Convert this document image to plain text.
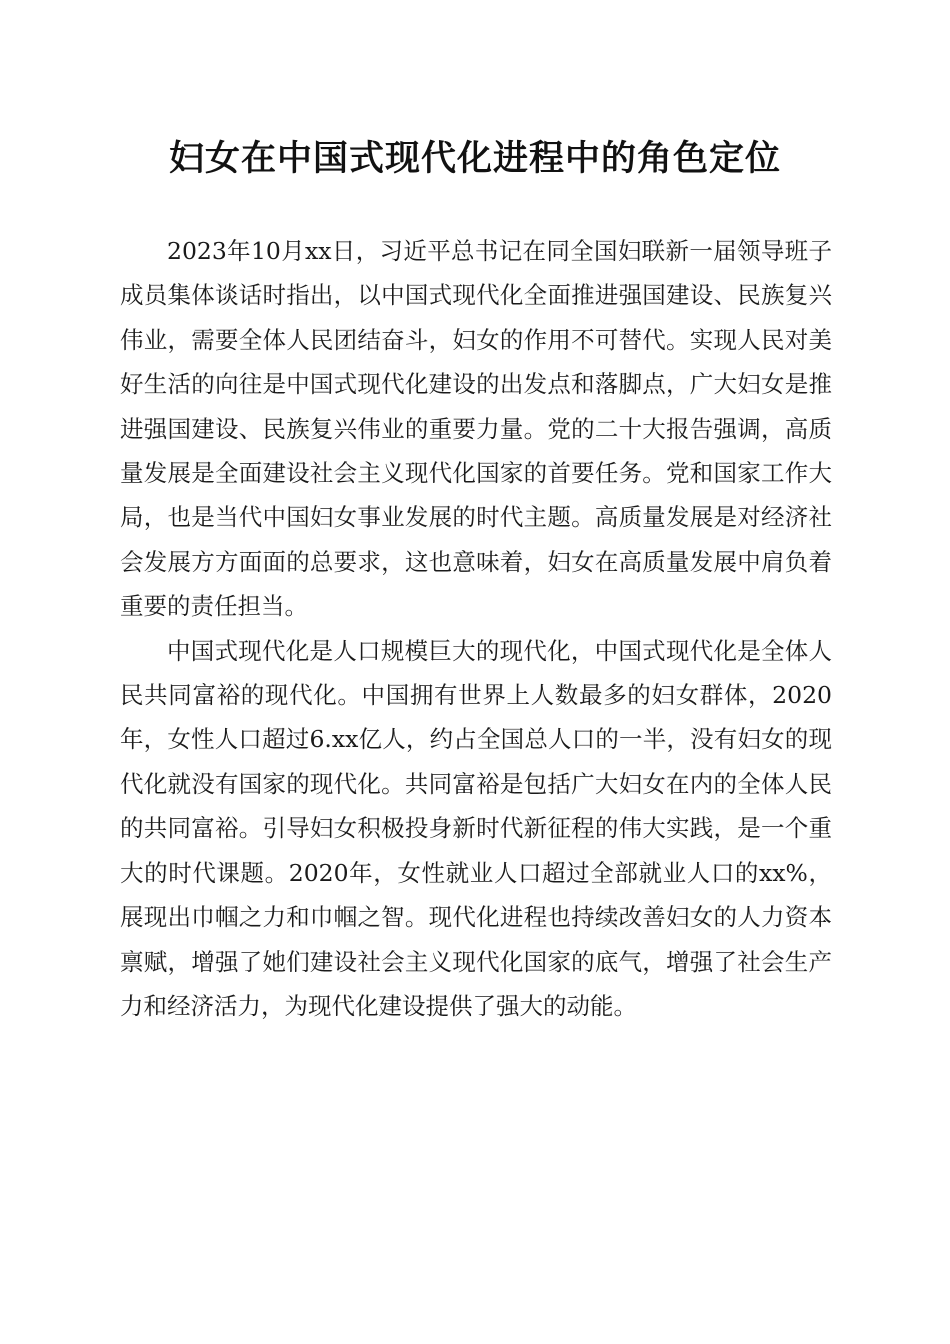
妇女在中国式现代化进程中的角色定位

2023年10月xx日，习近平总书记在同全国妇联新一届领导班子成员集体谈话时指出，以中国式现代化全面推进强国建设、民族复兴伟业，需要全体人民团结奋斗，妇女的作用不可替代。实现人民对美好生活的向往是中国式现代化建设的出发点和落脚点，广大妇女是推进强国建设、民族复兴伟业的重要力量。党的二十大报告强调，高质量发展是全面建设社会主义现代化国家的首要任务。党和国家工作大局，也是当代中国妇女事业发展的时代主题。高质量发展是对经济社会发展方方面面的总要求，这也意味着，妇女在高质量发展中肩负着重要的责任担当。

中国式现代化是人口规模巨大的现代化，中国式现代化是全体人民共同富裕的现代化。中国拥有世界上人数最多的妇女群体，2020年，女性人口超过6.xx亿人，约占全国总人口的一半，没有妇女的现代化就没有国家的现代化。共同富裕是包括广大妇女在内的全体人民的共同富裕。引导妇女积极投身新时代新征程的伟大实践，是一个重大的时代课题。2020年，女性就业人口超过全部就业人口的xx%，展现出巾帼之力和巾帼之智。现代化进程也持续改善妇女的人力资本禀赋，增强了她们建设社会主义现代化国家的底气，增强了社会生产力和经济活力，为现代化建设提供了强大的动能。
